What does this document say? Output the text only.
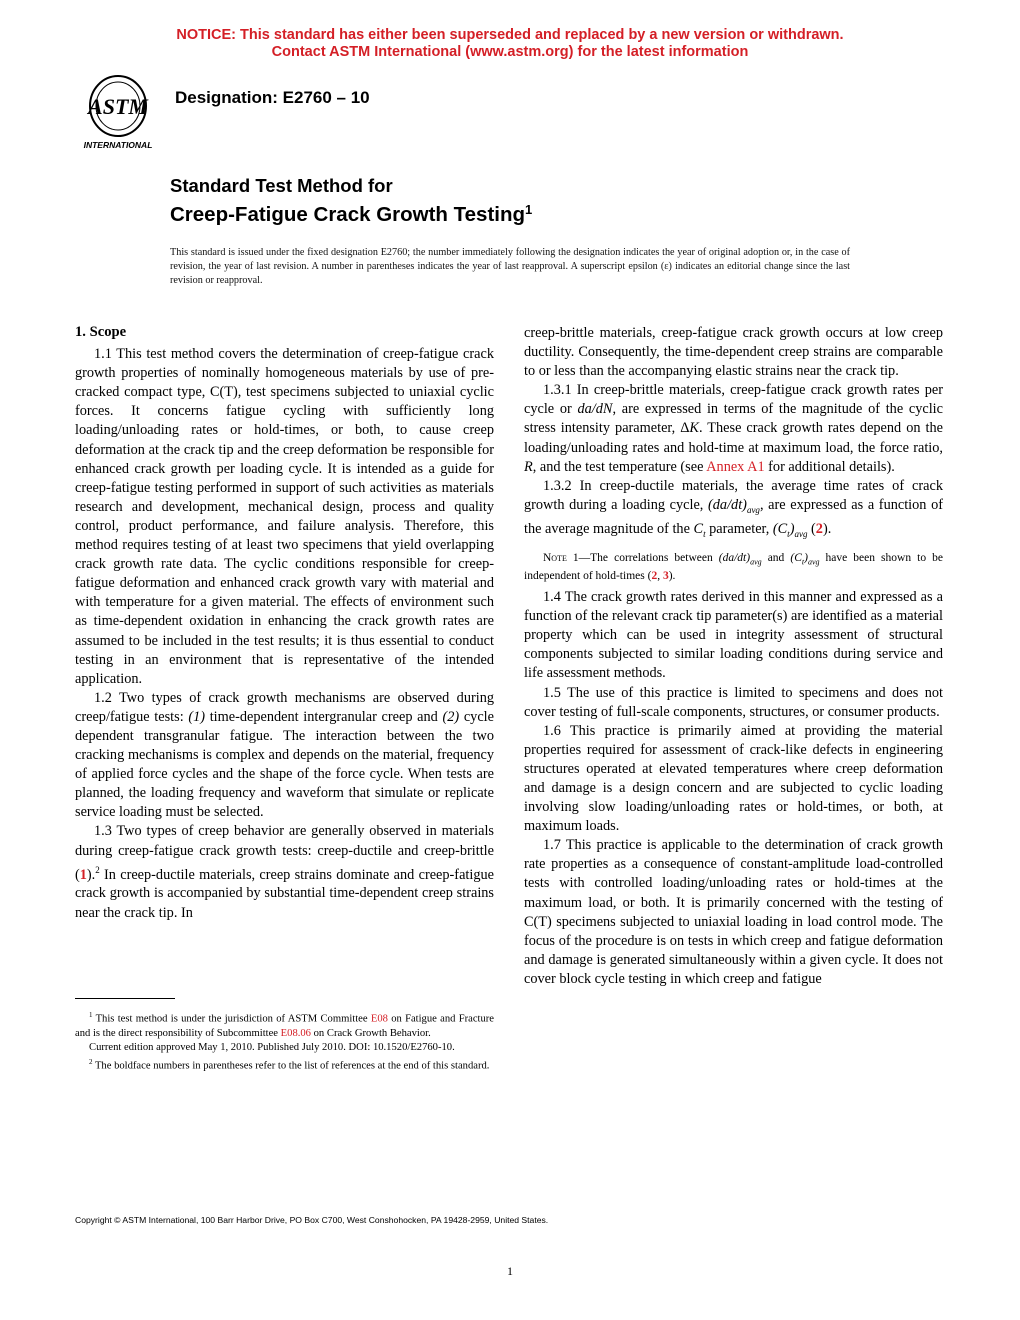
NOTICE: This standard has either been superseded and replaced by a new version or withdrawn.
Contact ASTM International (www.astm.org) for the latest information
ASTM
INTERNATIONAL
Designation: E2760 – 10
Standard Test Method for
Creep-Fatigue Crack Growth Testing$^1$
This standard is issued under the fixed designation E2760; the number immediately following the designation indicates the year of original adoption or, in the case of revision, the year of last revision. A number in parentheses indicates the year of last reapproval. A superscript epsilon (ε) indicates an editorial change since the last revision or reapproval.

1. Scope

1.1 This test method covers the determination of creep-fatigue crack growth properties of nominally homogeneous materials by use of pre-cracked compact type, C(T), test specimens subjected to uniaxial cyclic forces. It concerns fatigue cycling with sufficiently long loading/unloading rates or hold-times, or both, to cause creep deformation at the crack tip and the creep deformation be responsible for enhanced crack growth per loading cycle. It is intended as a guide for creep-fatigue testing performed in support of such activities as materials research and development, mechanical design, process and quality control, product performance, and failure analysis. Therefore, this method requires testing of at least two specimens that yield overlapping crack growth rate data. The cyclic conditions responsible for creep-fatigue deformation and enhanced crack growth vary with material and with temperature for a given material. The effects of environment such as time-dependent oxidation in enhancing the crack growth rates are assumed to be included in the test results; it is thus essential to conduct testing in an environment that is representative of the intended application.

1.2 Two types of crack growth mechanisms are observed during creep/fatigue tests: (1) time-dependent intergranular creep and (2) cycle dependent transgranular fatigue. The interaction between the two cracking mechanisms is complex and depends on the material, frequency of applied force cycles and the shape of the force cycle. When tests are planned, the loading frequency and waveform that simulate or replicate service loading must be selected.

1.3 Two types of creep behavior are generally observed in materials during creep-fatigue crack growth tests: creep-ductile and creep-brittle (1).$^2$ In creep-ductile materials, creep strains dominate and creep-fatigue crack growth is accompanied by substantial time-dependent creep strains near the crack tip. In

creep-brittle materials, creep-fatigue crack growth occurs at low creep ductility. Consequently, the time-dependent creep strains are comparable to or less than the accompanying elastic strains near the crack tip.

1.3.1 In creep-brittle materials, creep-fatigue crack growth rates per cycle or da/dN, are expressed in terms of the magnitude of the cyclic stress intensity parameter, ΔK. These crack growth rates depend on the loading/unloading rates and hold-time at maximum load, the force ratio, R, and the test temperature (see Annex A1 for additional details).

1.3.2 In creep-ductile materials, the average time rates of crack growth during a loading cycle, $(da/dt)_{avg}$, are expressed as a function of the average magnitude of the $C_t$ parameter, $(C_t)_{avg}$ (2).

Note 1—The correlations between $(da/dt)_{avg}$ and $(C_t)_{avg}$ have been shown to be independent of hold-times (2, 3).

1.4 The crack growth rates derived in this manner and expressed as a function of the relevant crack tip parameter(s) are identified as a material property which can be used in integrity assessment of structural components subjected to similar loading conditions during service and life assessment methods.

1.5 The use of this practice is limited to specimens and does not cover testing of full-scale components, structures, or consumer products.

1.6 This practice is primarily aimed at providing the material properties required for assessment of crack-like defects in engineering structures operated at elevated temperatures where creep deformation and damage is a design concern and are subjected to cyclic loading involving slow loading/unloading rates or hold-times, or both, at maximum loads.

1.7 This practice is applicable to the determination of crack growth rate properties as a consequence of constant-amplitude load-controlled tests with controlled loading/unloading rates or hold-times at the maximum load, or both. It is primarily concerned with the testing of C(T) specimens subjected to uniaxial loading in load control mode. The focus of the procedure is on tests in which creep and fatigue deformation and damage is generated simultaneously within a given cycle. It does not cover block cycle testing in which creep and fatigue

$^1$ This test method is under the jurisdiction of ASTM Committee E08 on Fatigue and Fracture and is the direct responsibility of Subcommittee E08.06 on Crack Growth Behavior.

Current edition approved May 1, 2010. Published July 2010. DOI: 10.1520/E2760-10.

$^2$ The boldface numbers in parentheses refer to the list of references at the end of this standard.

Copyright © ASTM International, 100 Barr Harbor Drive, PO Box C700, West Conshohocken, PA 19428-2959, United States.
1
